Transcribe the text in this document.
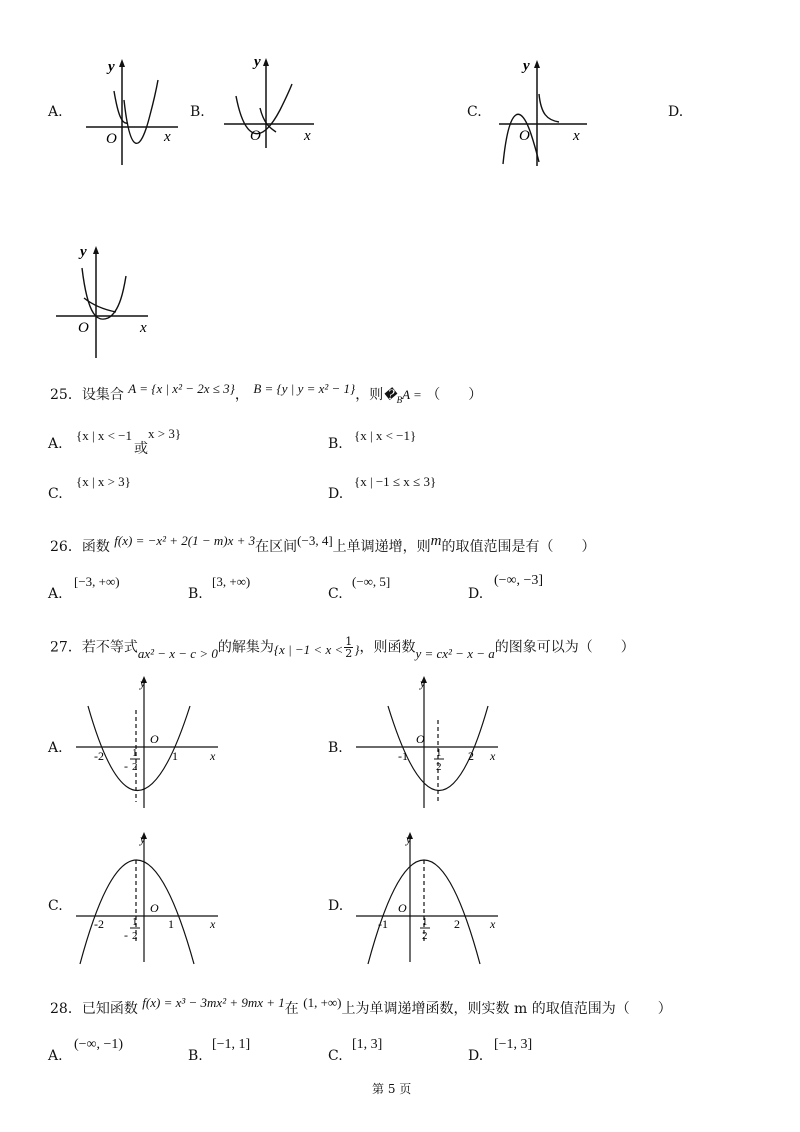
A.	B.	C.	D.
y
x
O
y
x
O
y
x
O
y
x
O
25．设集合 A = {x | x² − 2x ≤ 3}， B = {y | y = x² − 1}，则$�_BA$ = （　　）
A.
{x | x < −1
或
x > 3}
B.
{x | x < −1}
C.
{x | x > 3}
D.
{x | −1 ≤ x ≤ 3}
26．函数 f(x) = −x² + 2(1 − m)x + 3在区间(−3, 4]上单调递增，则m的取值范围是有（　　）
A.
[−3, +∞)
B.
[3, +∞)
C.
(−∞, 5]
D.
(−∞, −3]
27．若不等式ax² − x − c > 0的解集为{x | $-1 < x < \frac{1}{2}$ }，则函数y = cx² − x − a的图象可以为（　　）
A.	B.
C.	D.
y
x
O
-2	1
-
1
2
y
x
O
-1	2
1
2
y
x
O
-2	1
-
1
2
y
x
O
-1	2
1
2
28．已知函数 f(x) = x³ − 3mx² + 9mx + 1在 (1, +∞)上为单调递增函数，则实数 m 的取值范围为（　　）
A.
(−∞, −1)
B.
[−1, 1]
C.
[1, 3]
D.
[−1, 3]
第 5 页
